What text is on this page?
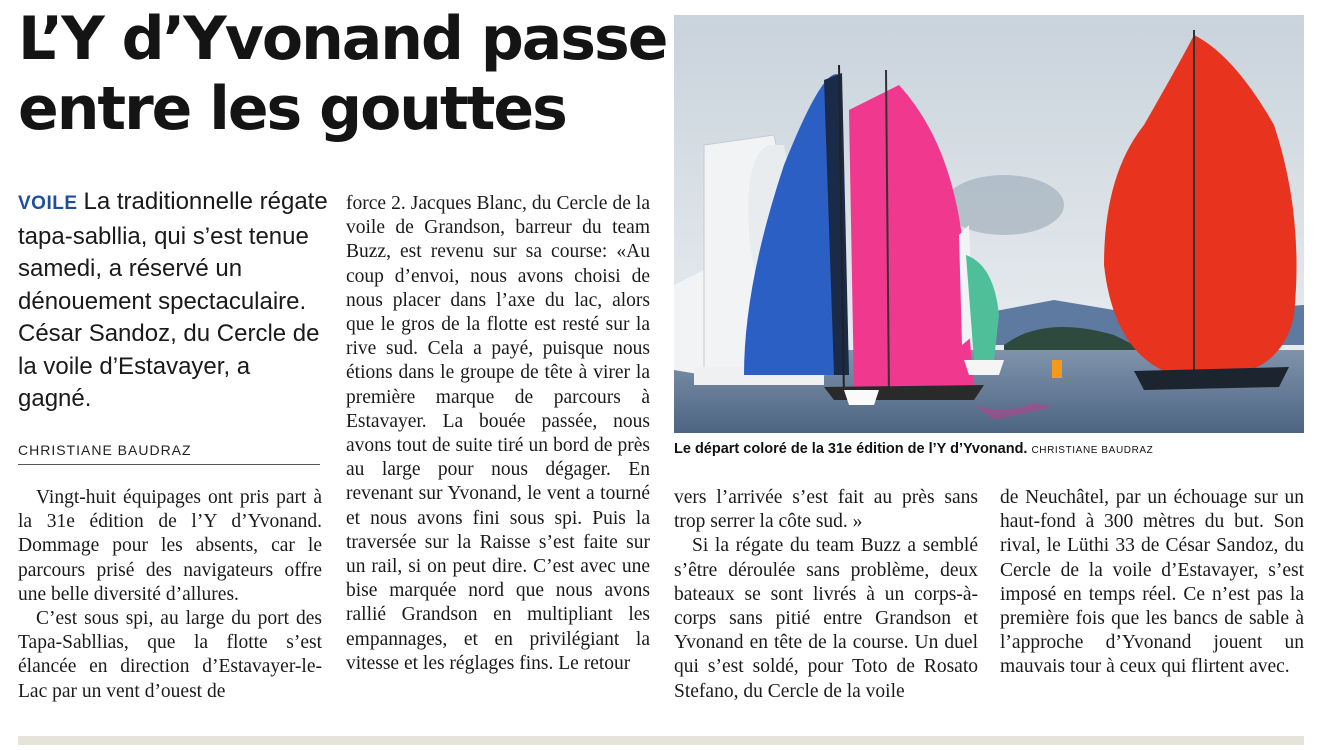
L’Y d’Yvonand passe
entre les gouttes

VOILE La traditionnelle régate tapa-sabllia, qui s’est tenue samedi, a réservé un dénouement spectaculaire. César Sandoz, du Cercle de la voile d’Estavayer, a gagné.

CHRISTIANE BAUDRAZ

Vingt-huit équipages ont pris part à la 31e édition de l’Y d’Yvonand. Dommage pour les absents, car le parcours prisé des navigateurs offre une belle diversité d’allures.

C’est sous spi, au large du port des Tapa-Sabllias, que la flotte s’est élancée en direction d’Estavayer-le-Lac par un vent d’ouest de

force 2. Jacques Blanc, du Cercle de la voile de Grandson, barreur du team Buzz, est revenu sur sa course: «Au coup d’envoi, nous avons choisi de nous placer dans l’axe du lac, alors que le gros de la flotte est resté sur la rive sud. Cela a payé, puisque nous étions dans le groupe de tête à virer la première marque de parcours à Estavayer. La bouée passée, nous avons tout de suite tiré un bord de près au large pour nous dégager. En revenant sur Yvonand, le vent a tourné et nous avons fini sous spi. Puis la traversée sur la Raisse s’est faite sur un rail, si on peut dire. C’est avec une bise marquée nord que nous avons rallié Grandson en multipliant les empannages, et en privilégiant la vitesse et les réglages fins. Le retour

Le départ coloré de la 31e édition de l’Y d’Yvonand. CHRISTIANE BAUDRAZ

vers l’arrivée s’est fait au près sans trop serrer la côte sud. »

Si la régate du team Buzz a semblé s’être déroulée sans problème, deux bateaux se sont livrés à un corps-à-corps sans pitié entre Grandson et Yvonand en tête de la course. Un duel qui s’est soldé, pour Toto de Rosato Stefano, du Cercle de la voile

de Neuchâtel, par un échouage sur un haut-fond à 300 mètres du but. Son rival, le Lüthi 33 de César Sandoz, du Cercle de la voile d’Estavayer, s’est imposé en temps réel. Ce n’est pas la première fois que les bancs de sable à l’approche d’Yvonand jouent un mauvais tour à ceux qui flirtent avec.
